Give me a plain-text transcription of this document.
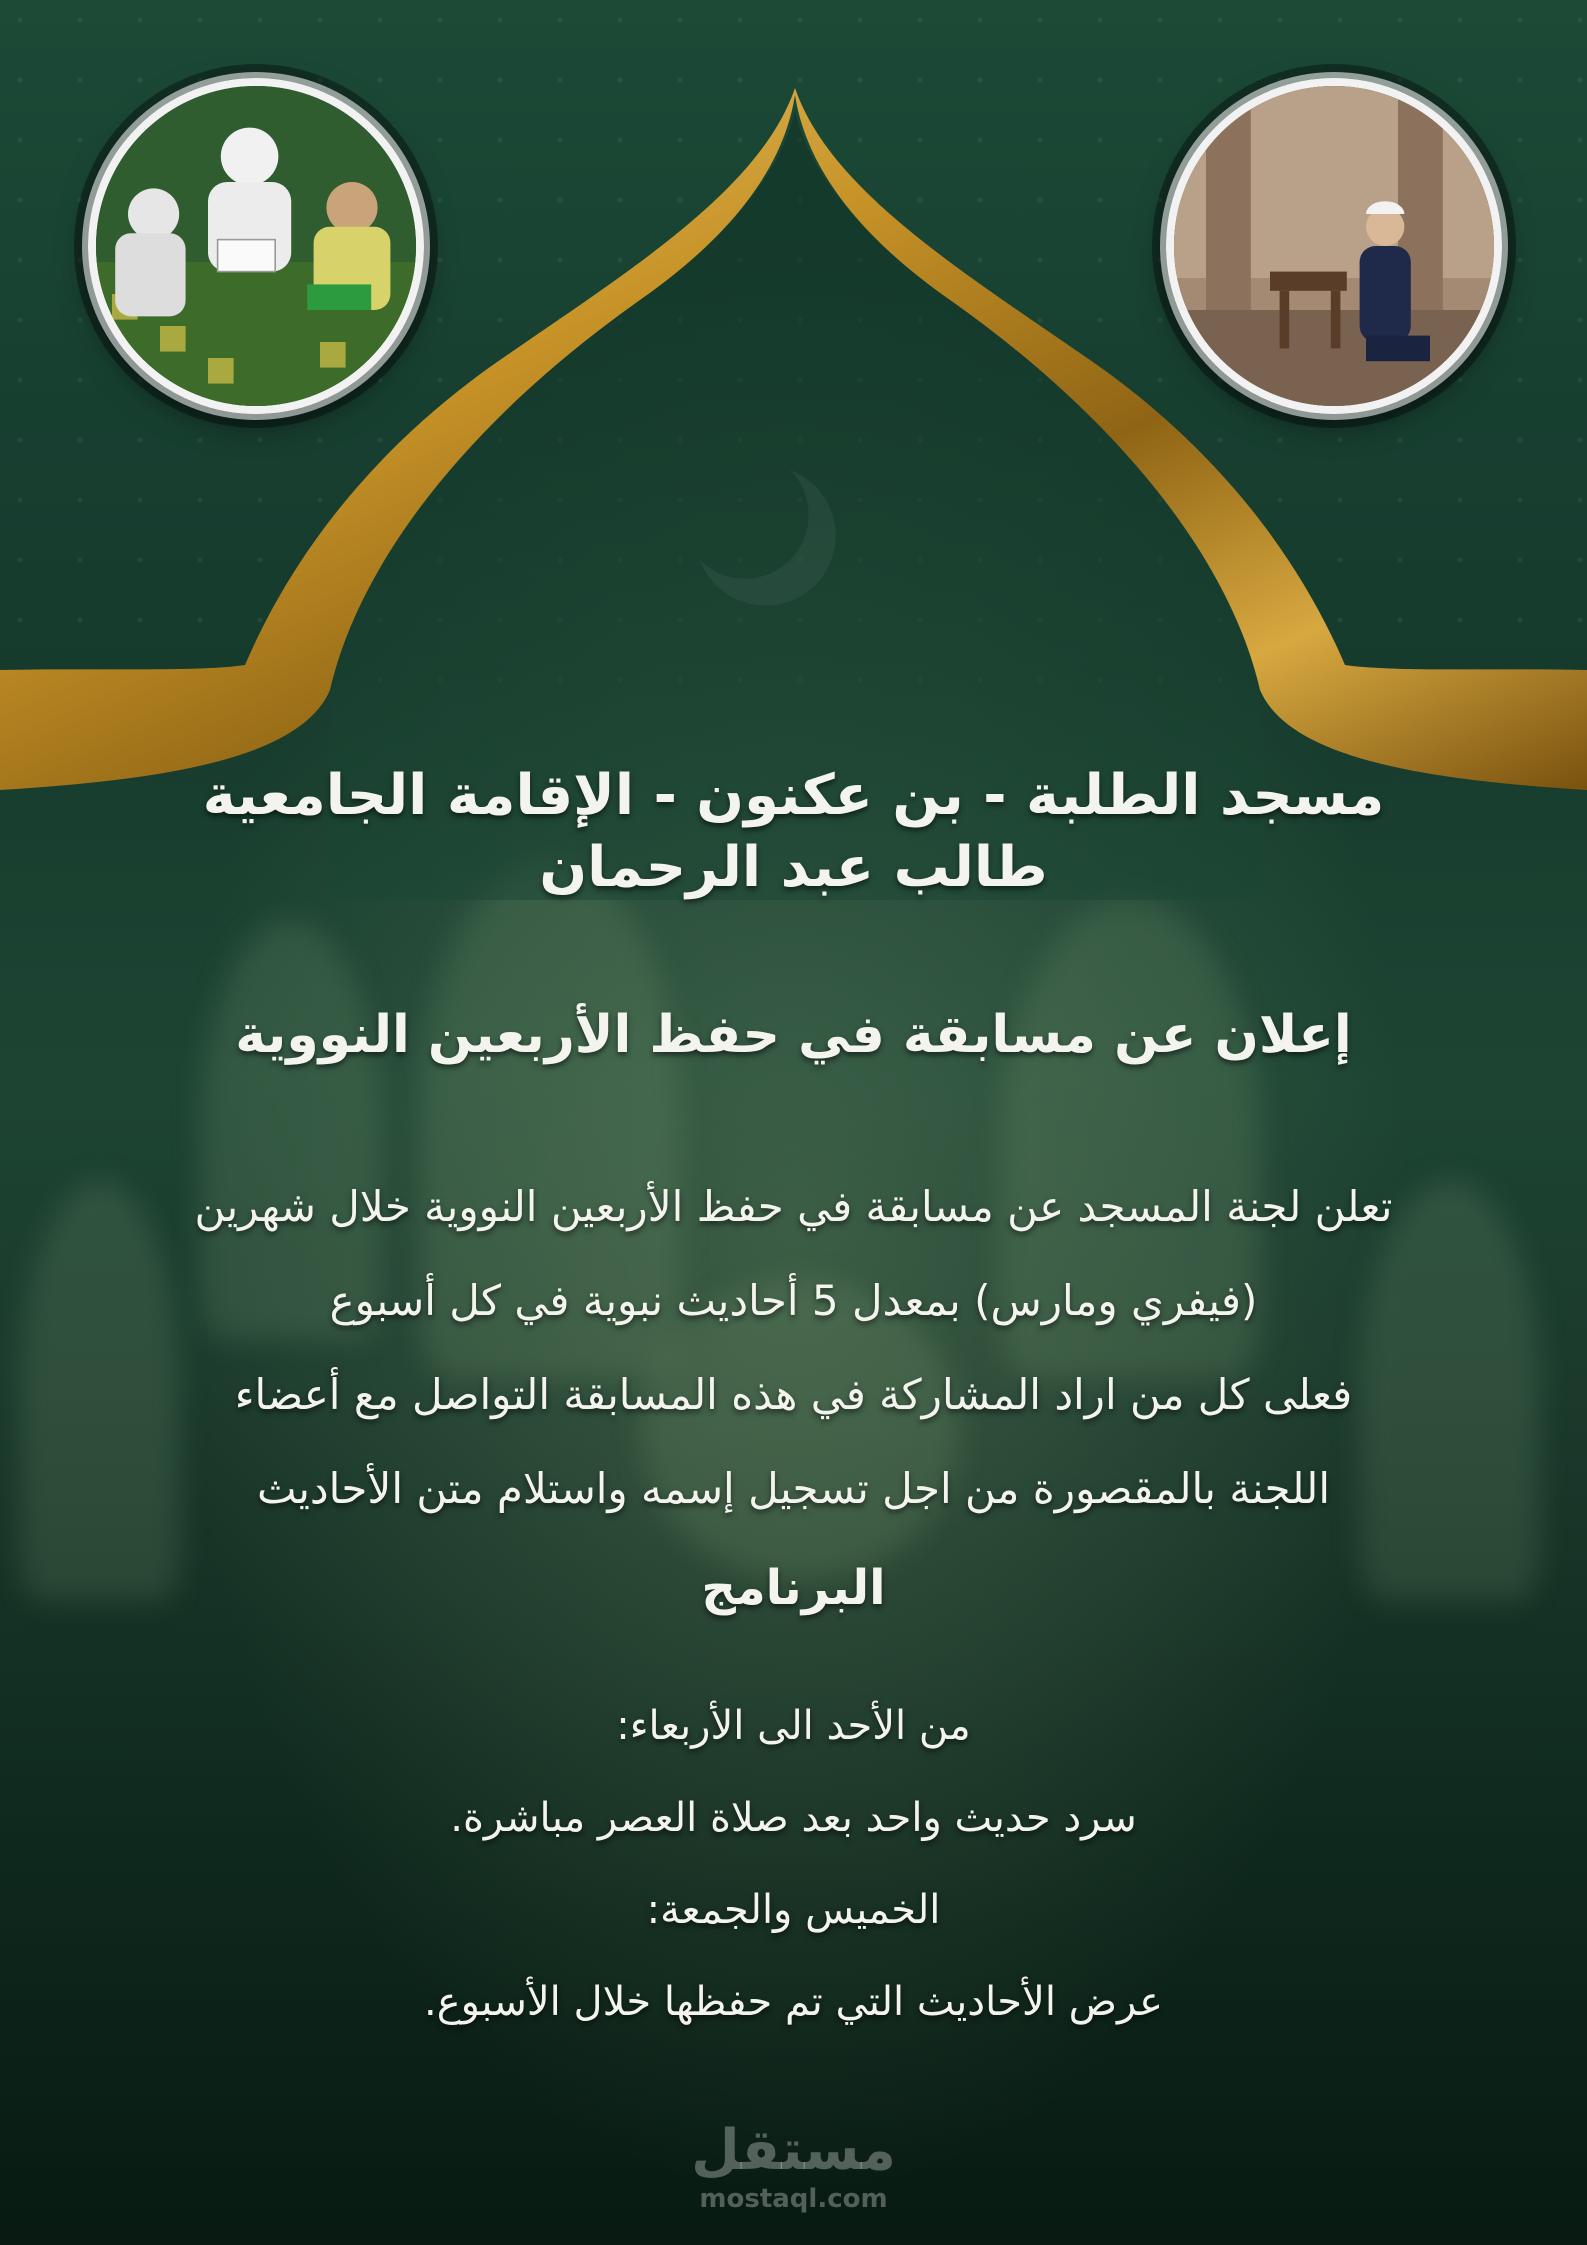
مسجد الطلبة - بن عكنون - الإقامة الجامعية
طالب عبد الرحمان
إعلان عن مسابقة في حفظ الأربعين النووية
تعلن لجنة المسجد عن مسابقة في حفظ الأربعين النووية خلال شهرين
(فيفري ومارس) بمعدل 5 أحاديث نبوية في كل أسبوع
فعلى كل من اراد المشاركة في هذه المسابقة التواصل مع أعضاء
اللجنة بالمقصورة من اجل تسجيل إسمه واستلام متن الأحاديث
البرنامج
من الأحد الى الأربعاء:
سرد حديث واحد بعد صلاة العصر مباشرة.
الخميس والجمعة:
عرض الأحاديث التي تم حفظها خلال الأسبوع.
مستقل
mostaql.com
